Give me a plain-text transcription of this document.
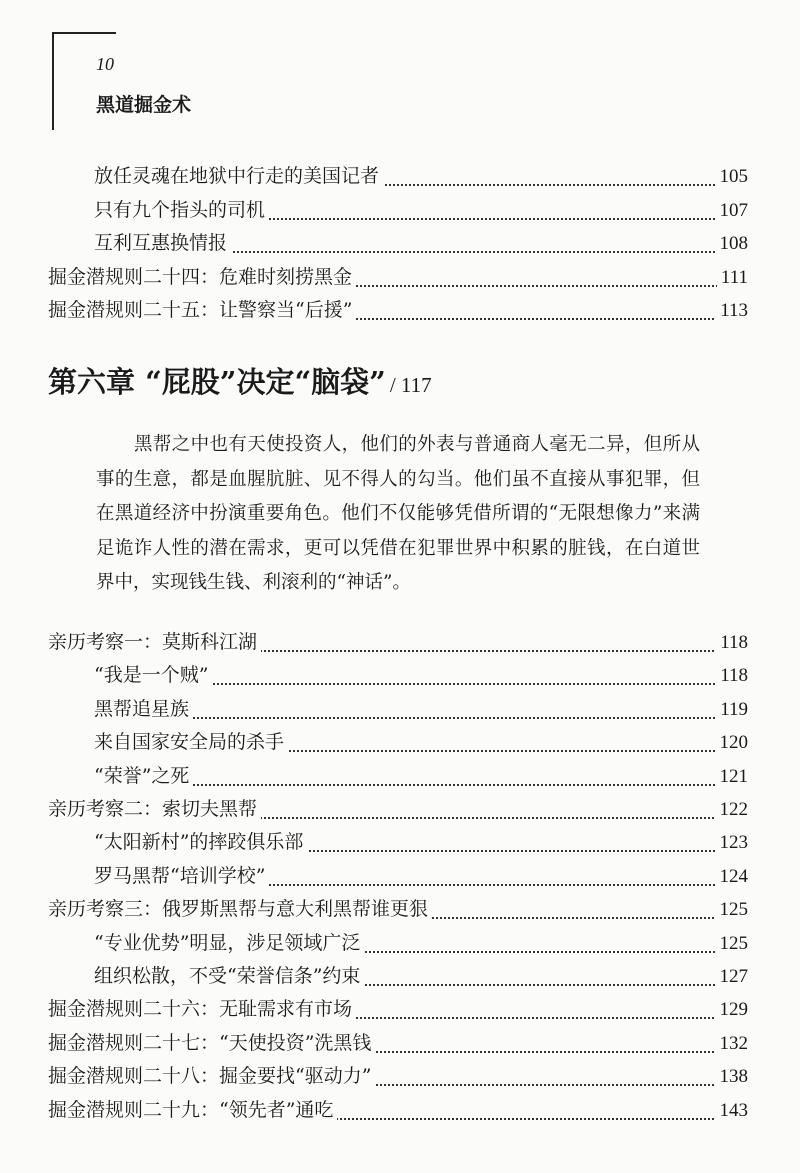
10
黑道掘金术
放任灵魂在地狱中行走的美国记者	105
只有九个指头的司机	107
互利互惠换情报	108
掘金潜规则二十四：危难时刻捞黑金	111
掘金潜规则二十五：让警察当“后援”	113
第六章 “屁股”决定“脑袋” / 117
黑帮之中也有天使投资人，他们的外表与普通商人毫无二异，但所从事的生意，都是血腥肮脏、见不得人的勾当。他们虽不直接从事犯罪，但在黑道经济中扮演重要角色。他们不仅能够凭借所谓的“无限想像力”来满足诡诈人性的潜在需求，更可以凭借在犯罪世界中积累的脏钱，在白道世界中，实现钱生钱、利滚利的“神话”。
亲历考察一：莫斯科江湖	118
“我是一个贼”	118
黑帮追星族	119
来自国家安全局的杀手	120
“荣誉”之死	121
亲历考察二：索切夫黑帮	122
“太阳新村”的摔跤俱乐部	123
罗马黑帮“培训学校”	124
亲历考察三：俄罗斯黑帮与意大利黑帮谁更狠	125
“专业优势”明显，涉足领域广泛	125
组织松散，不受“荣誉信条”约束	127
掘金潜规则二十六：无耻需求有市场	129
掘金潜规则二十七：“天使投资”洗黑钱	132
掘金潜规则二十八：掘金要找“驱动力”	138
掘金潜规则二十九：“领先者”通吃	143
